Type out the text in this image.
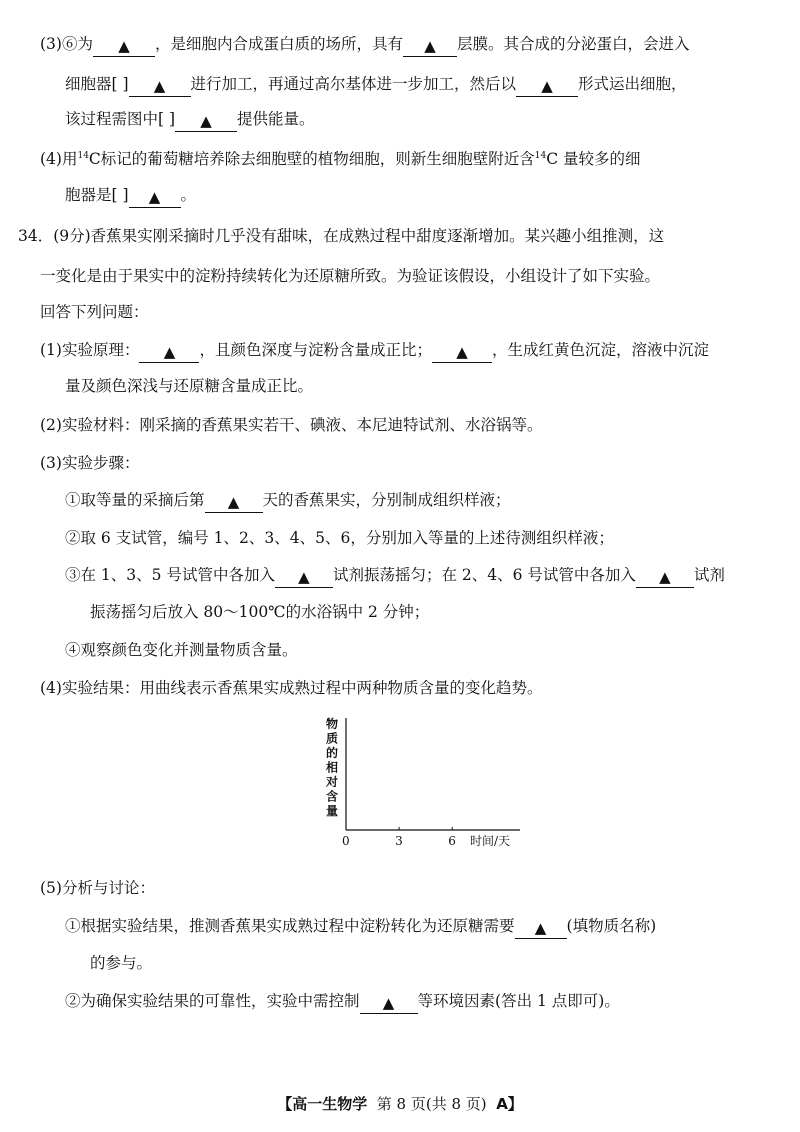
(3)⑥为 ▲ ，是细胞内合成蛋白质的场所，具有 ▲ 层膜。其合成的分泌蛋白，会进入
细胞器[ ] ▲ 进行加工，再通过高尔基体进一步加工，然后以 ▲ 形式运出细胞，
该过程需图中[ ] ▲ 提供能量。
(4)用$^{14}$C标记的葡萄糖培养除去细胞壁的植物细胞，则新生细胞壁附近含$^{14}$C 量较多的细
胞器是[ ] ▲ 。
34．(9分)香蕉果实刚采摘时几乎没有甜味，在成熟过程中甜度逐渐增加。某兴趣小组推测，这
一变化是由于果实中的淀粉持续转化为还原糖所致。为验证该假设，小组设计了如下实验。
回答下列问题：
(1)实验原理： ▲ ，且颜色深度与淀粉含量成正比； ▲ ，生成红黄色沉淀，溶液中沉淀
量及颜色深浅与还原糖含量成正比。
(2)实验材料：刚采摘的香蕉果实若干、碘液、本尼迪特试剂、水浴锅等。
(3)实验步骤：
①取等量的采摘后第 ▲ 天的香蕉果实，分别制成组织样液；
②取 6 支试管，编号 1、2、3、4、5、6，分别加入等量的上述待测组织样液；
③在 1、3、5 号试管中各加入 ▲ 试剂振荡摇匀；在 2、4、6 号试管中各加入 ▲ 试剂
振荡摇匀后放入 80～100℃的水浴锅中 2 分钟；
④观察颜色变化并测量物质含量。
(4)实验结果：用曲线表示香蕉果实成熟过程中两种物质含量的变化趋势。
物
质
的
相
对
含
量
0	3	6 时间/天
(5)分析与讨论：
①根据实验结果，推测香蕉果实成熟过程中淀粉转化为还原糖需要 ▲ (填物质名称)
的参与。
②为确保实验结果的可靠性，实验中需控制 ▲ 等环境因素(答出 1 点即可)。
【高一生物学 第 8 页(共 8 页) A】
